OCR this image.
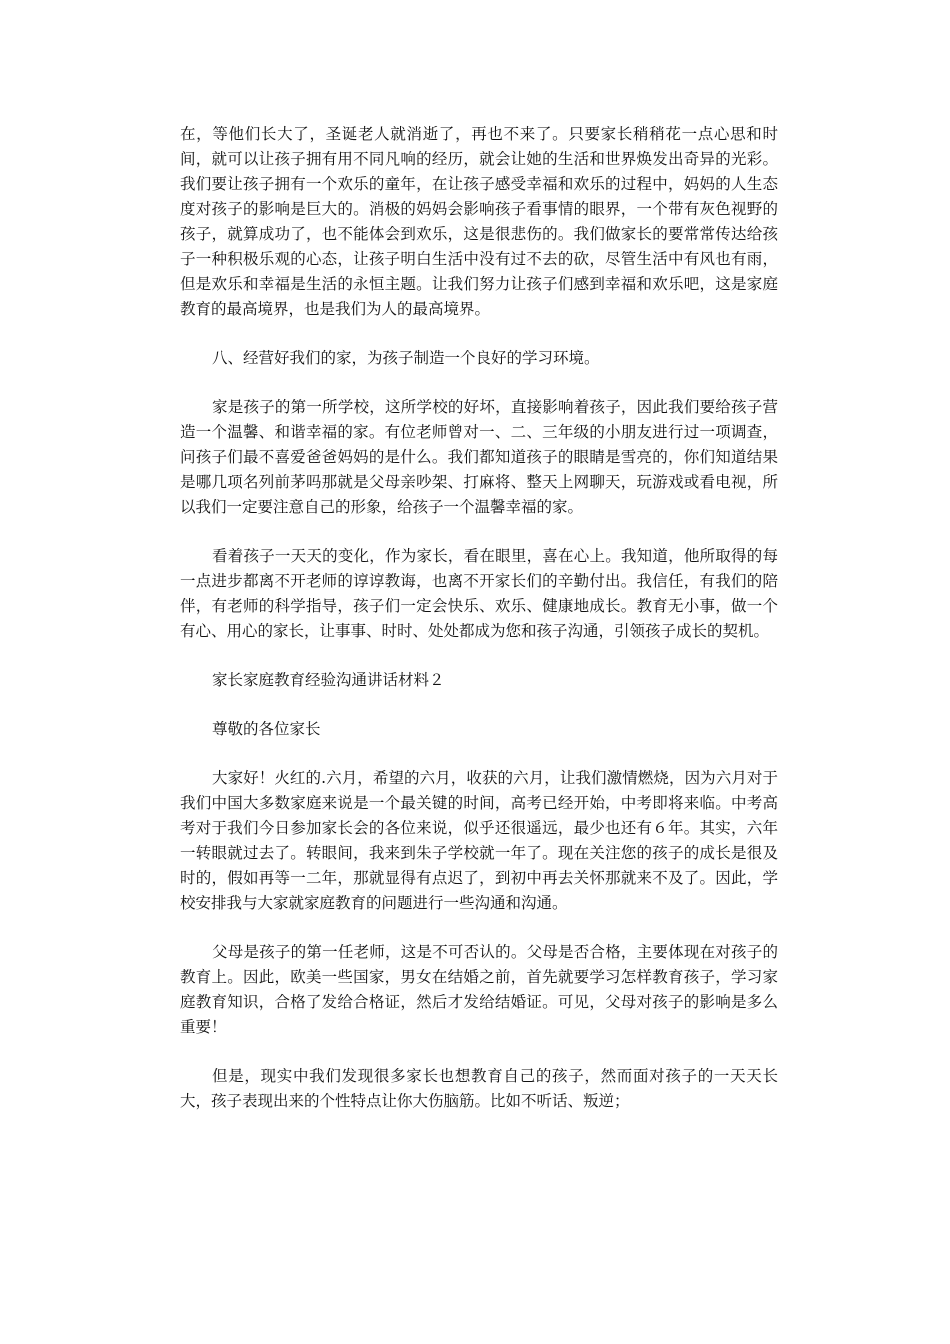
在，等他们长大了，圣诞老人就消逝了，再也不来了。只要家长稍稍花一点心思和时间，就可以让孩子拥有用不同凡响的经历，就会让她的生活和世界焕发出奇异的光彩。我们要让孩子拥有一个欢乐的童年，在让孩子感受幸福和欢乐的过程中，妈妈的人生态度对孩子的影响是巨大的。消极的妈妈会影响孩子看事情的眼界，一个带有灰色视野的孩子，就算成功了，也不能体会到欢乐，这是很悲伤的。我们做家长的要常常传达给孩子一种积极乐观的心态，让孩子明白生活中没有过不去的砍，尽管生活中有风也有雨，但是欢乐和幸福是生活的永恒主题。让我们努力让孩子们感到幸福和欢乐吧，这是家庭教育的最高境界，也是我们为人的最高境界。

八、经营好我们的家，为孩子制造一个良好的学习环境。

家是孩子的第一所学校，这所学校的好坏，直接影响着孩子，因此我们要给孩子营造一个温馨、和谐幸福的家。有位老师曾对一、二、三年级的小朋友进行过一项调查，问孩子们最不喜爱爸爸妈妈的是什么。我们都知道孩子的眼睛是雪亮的，你们知道结果是哪几项名列前茅吗那就是父母亲吵架、打麻将、整天上网聊天，玩游戏或看电视，所以我们一定要注意自己的形象，给孩子一个温馨幸福的家。

看着孩子一天天的变化，作为家长，看在眼里，喜在心上。我知道，他所取得的每一点进步都离不开老师的谆谆教诲，也离不开家长们的辛勤付出。我信任，有我们的陪伴，有老师的科学指导，孩子们一定会快乐、欢乐、健康地成长。教育无小事，做一个有心、用心的家长，让事事、时时、处处都成为您和孩子沟通，引领孩子成长的契机。

家长家庭教育经验沟通讲话材料２

尊敬的各位家长

大家好！火红的.六月，希望的六月，收获的六月，让我们激情燃烧，因为六月对于我们中国大多数家庭来说是一个最关键的时间，高考已经开始，中考即将来临。中考高考对于我们今日参加家长会的各位来说，似乎还很遥远，最少也还有６年。其实，六年一转眼就过去了。转眼间，我来到朱子学校就一年了。现在关注您的孩子的成长是很及时的，假如再等一二年，那就显得有点迟了，到初中再去关怀那就来不及了。因此，学校安排我与大家就家庭教育的问题进行一些沟通和沟通。

父母是孩子的第一任老师，这是不可否认的。父母是否合格，主要体现在对孩子的教育上。因此，欧美一些国家，男女在结婚之前，首先就要学习怎样教育孩子，学习家庭教育知识，合格了发给合格证，然后才发给结婚证。可见，父母对孩子的影响是多么重要！

但是，现实中我们发现很多家长也想教育自己的孩子，然而面对孩子的一天天长大，孩子表现出来的个性特点让你大伤脑筋。比如不听话、叛逆；
